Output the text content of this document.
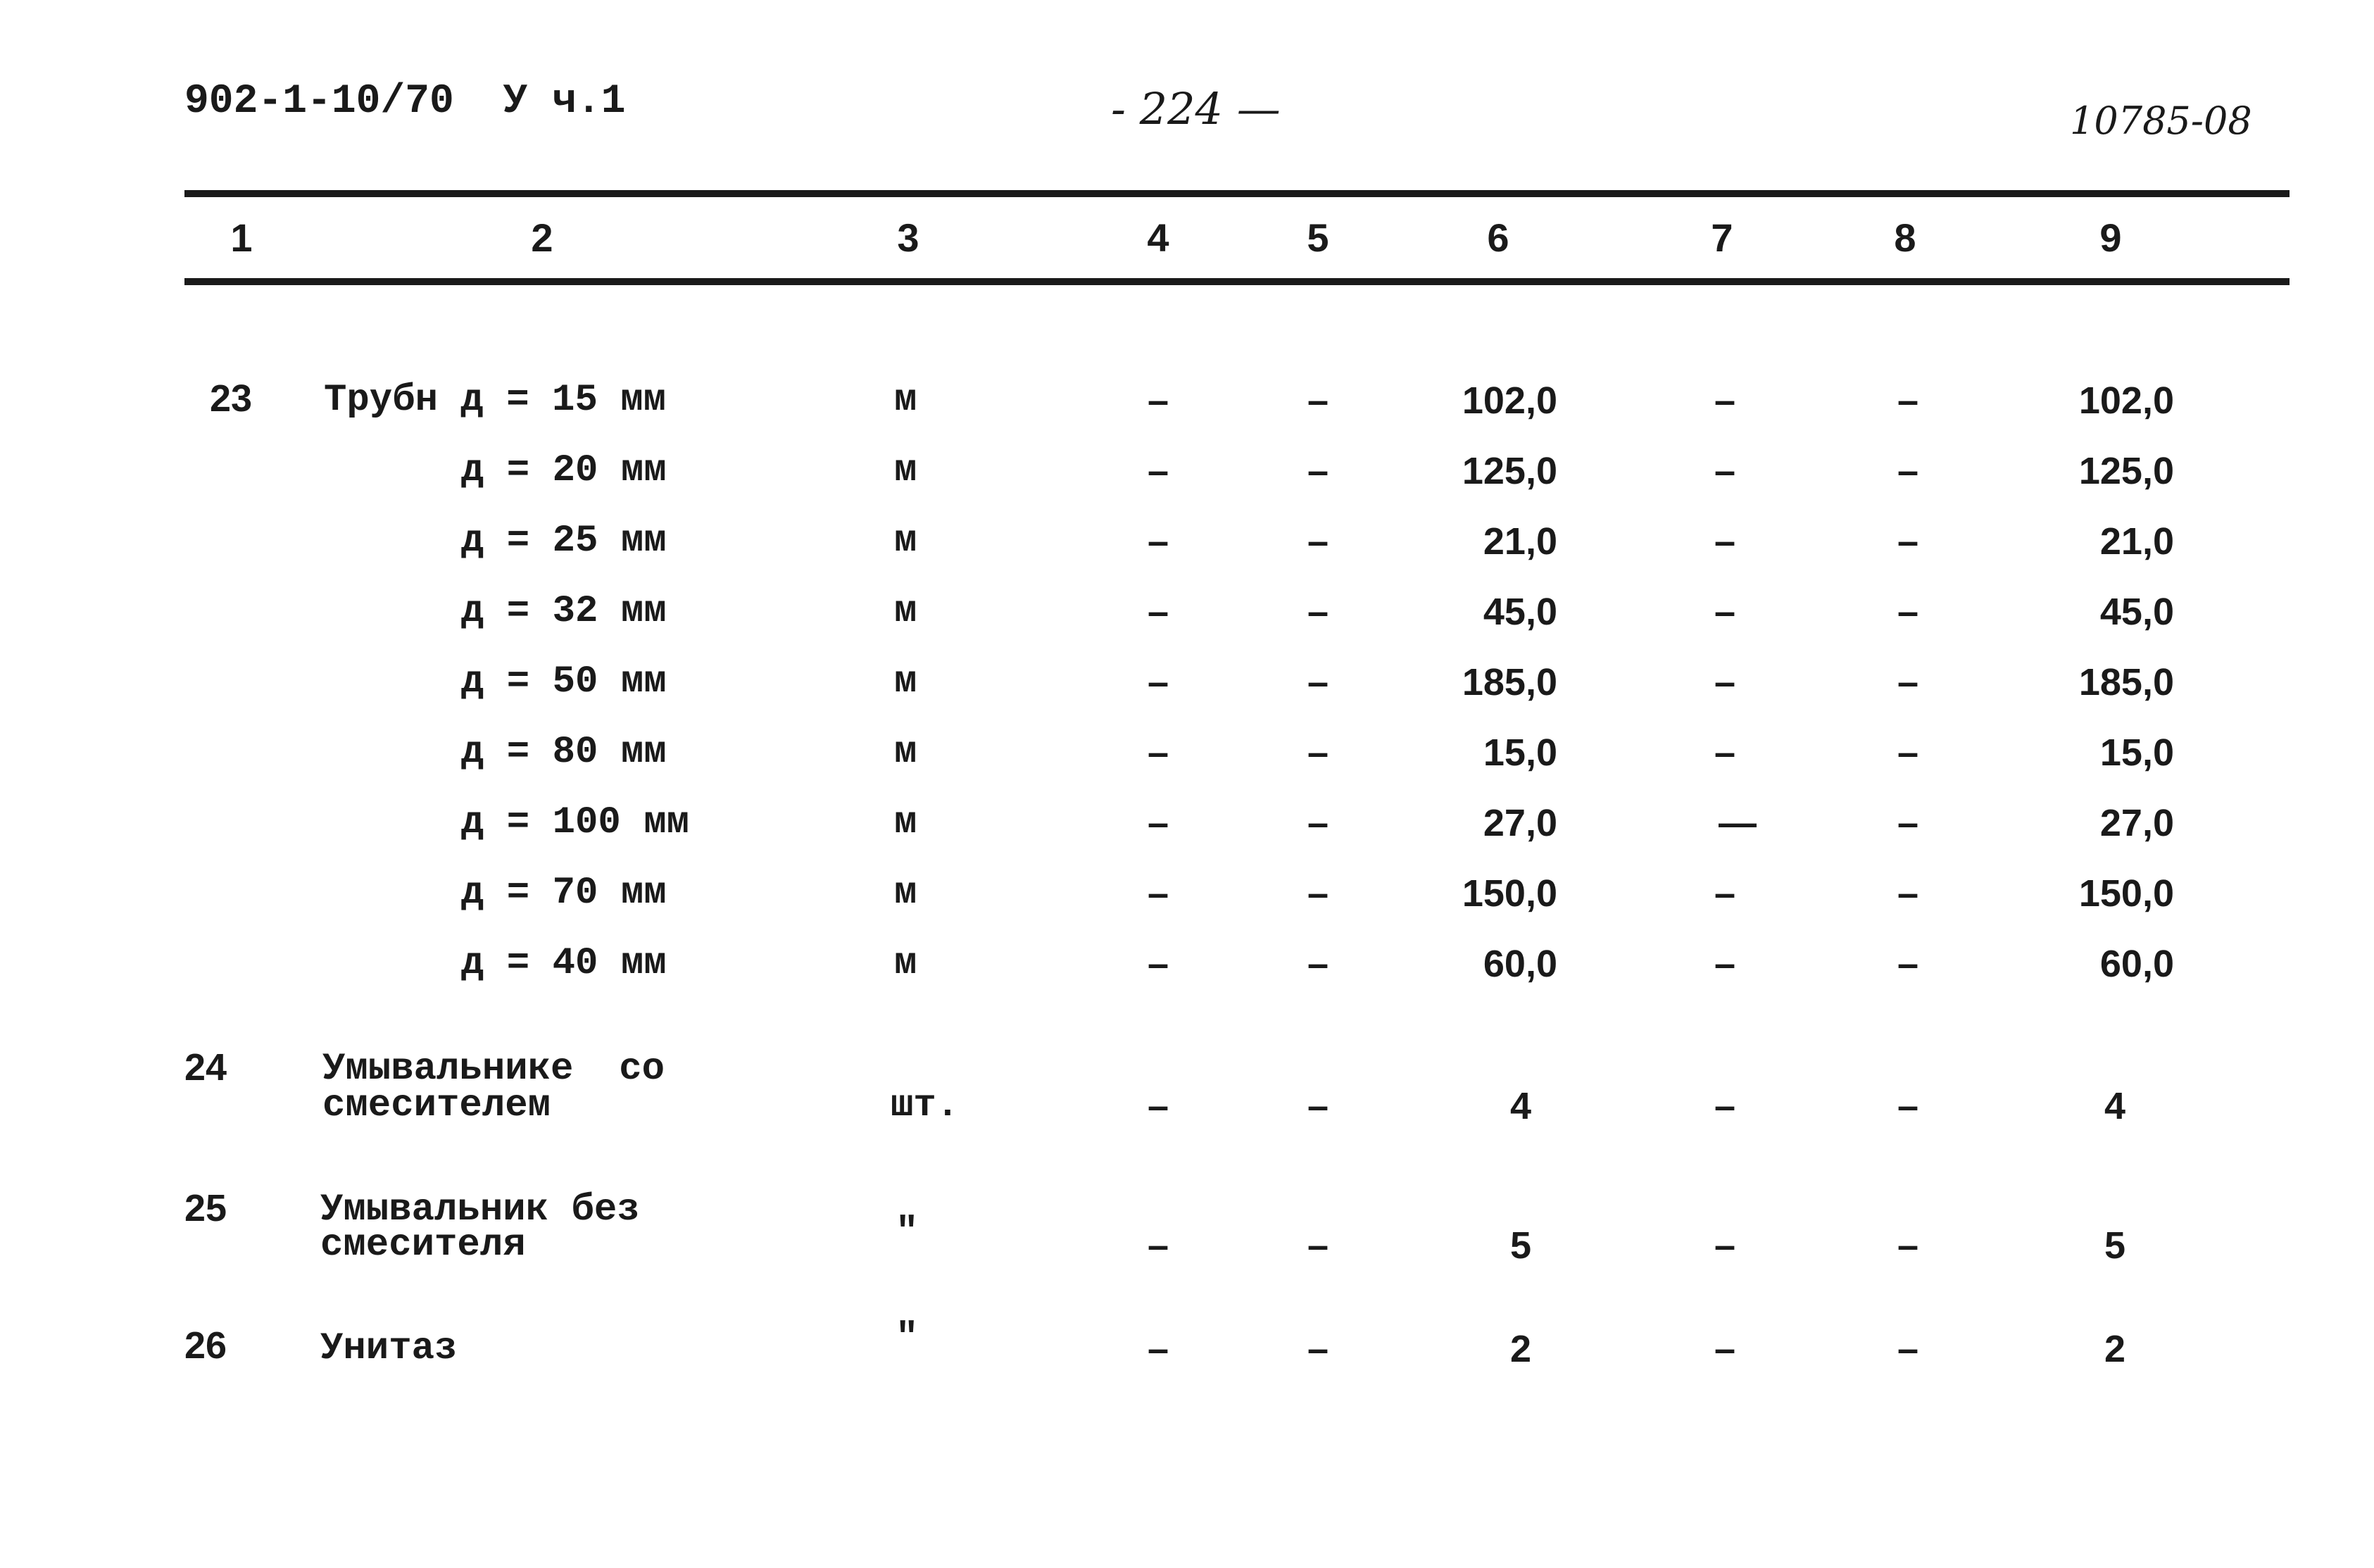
902-1-10/70  У ч.1	- 224 —	10785-08
1	2	3	4	5	6	7	8	9
23 Трубн д = 15 мм	м	–	–	102,0	–	–	102,0
д = 20 мм	м	–	–	125,0	–	–	125,0
д = 25 мм	м	–	–	21,0	–	–	21,0
д = 32 мм	м	–	–	45,0	–	–	45,0
д = 50 мм	м	–	–	185,0	–	–	185,0
д = 80 мм	м	–	–	15,0	–	–	15,0
д = 100 мм	м	–	–	27,0	—	–	27,0
д = 70 мм	м	–	–	150,0	–	–	150,0
д = 40 мм	м	–	–	60,0	–	–	60,0
24	Умывальнике  со
смесителем	шт.	–	–	4	–	–	4
25 Умывальник без
смесителя	"	–	–	5	–	–	5
26 Унитаз	"	–	–	2	–	–	2
